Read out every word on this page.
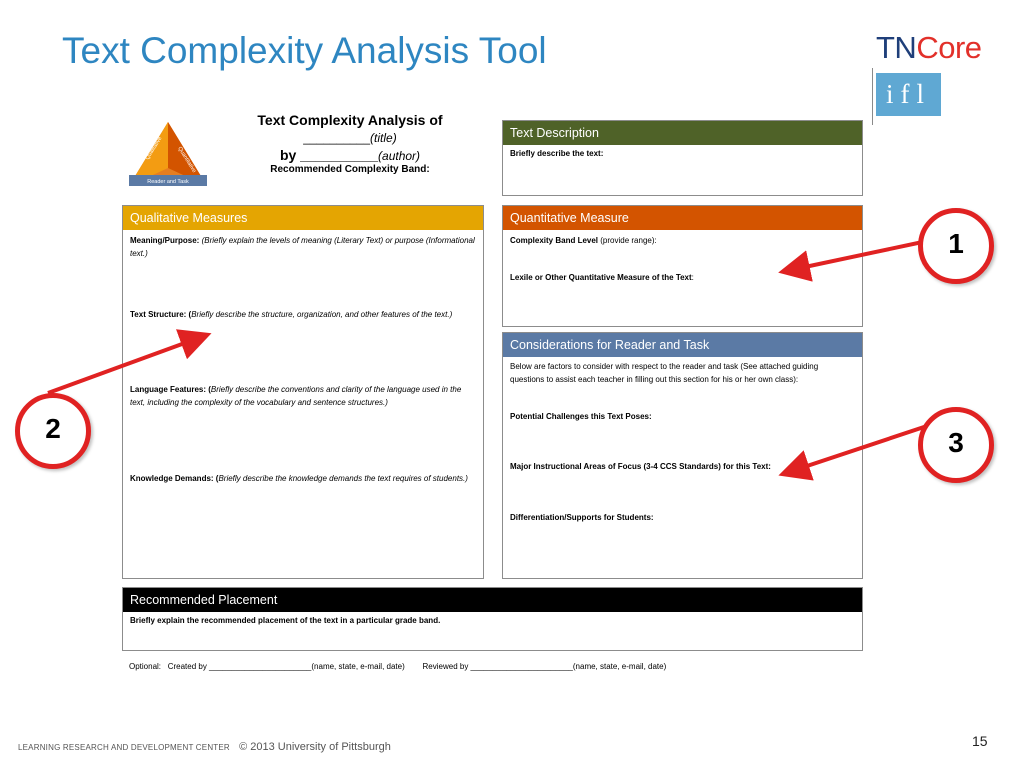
Text Complexity Analysis Tool	TNCore
ifl
Qualitative Quantitative
Reader and Task
Text Complexity Analysis of
__________(title)
by __________(author)
Recommended Complexity Band:
Text Description
Briefly describe the text:
Qualitative Measures

Meaning/Purpose: (Briefly explain the levels of meaning (Literary Text) or purpose (Informational text.)

Text Structure: (Briefly describe the structure, organization, and other features of the text.)

Language Features: (Briefly describe the conventions and clarity of the language used in the text, including the complexity of the vocabulary and sentence structures.)

Knowledge Demands: (Briefly describe the knowledge demands the text requires of students.)

Quantitative Measure

Complexity Band Level (provide range):

Lexile or Other Quantitative Measure of the Text:

Considerations for Reader and Task

Below are factors to consider with respect to the reader and task (See attached guiding questions to assist each teacher in filling out this section for his or her own class):

Potential Challenges this Text Poses:

Major Instructional Areas of Focus (3-4 CCS Standards) for this Text:

Differentiation/Supports for Students:

Recommended Placement
Briefly explain the recommended placement of the text in a particular grade band.
Optional:   Created by _______________________(name, state, e-mail, date)        Reviewed by _______________________(name, state, e-mail, date)
1
2	3
LEARNING RESEARCH AND DEVELOPMENT CENTER © 2013 University of Pittsburgh	15
